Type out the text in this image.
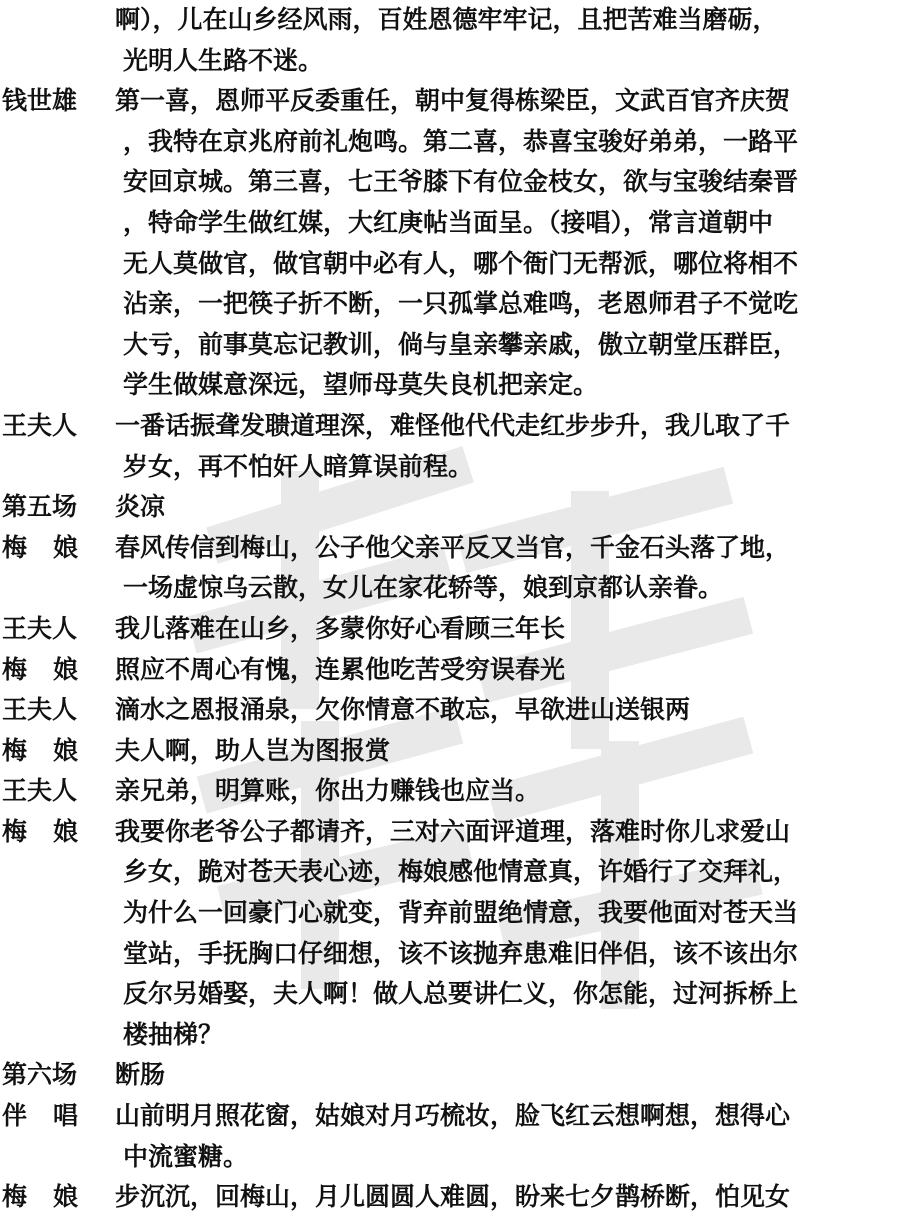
啊），儿在山乡经风雨，百姓恩德牢牢记，且把苦难当磨砺，
光明人生路不迷。
钱世雄	第一喜，恩师平反委重任，朝中复得栋梁臣，文武百官齐庆贺
，我特在京兆府前礼炮鸣。第二喜，恭喜宝骏好弟弟，一路平
安回京城。第三喜，七王爷膝下有位金枝女，欲与宝骏结秦晋
，特命学生做红媒，大红庚帖当面呈。（接唱），常言道朝中
无人莫做官，做官朝中必有人，哪个衙门无帮派，哪位将相不
沾亲，一把筷子折不断，一只孤掌总难鸣，老恩师君子不觉吃
大亏，前事莫忘记教训，倘与皇亲攀亲戚，傲立朝堂压群臣，
学生做媒意深远，望师母莫失良机把亲定。
王夫人	一番话振聋发聩道理深，难怪他代代走红步步升，我儿取了千
岁女，再不怕奸人暗算误前程。
第五场	炎凉
梅娘 春风传信到梅山，公子他父亲平反又当官，千金石头落了地，
一场虚惊乌云散，女儿在家花轿等，娘到京都认亲眷。
王夫人	我儿落难在山乡，多蒙你好心看顾三年长
梅娘 照应不周心有愧，连累他吃苦受穷误春光
王夫人	滴水之恩报涌泉，欠你情意不敢忘，早欲进山送银两
梅娘 夫人啊，助人岂为图报赏
王夫人	亲兄弟，明算账，你出力赚钱也应当。
梅娘 我要你老爷公子都请齐，三对六面评道理，落难时你儿求爱山
乡女，跪对苍天表心迹，梅娘感他情意真，许婚行了交拜礼，
为什么一回豪门心就变，背弃前盟绝情意，我要他面对苍天当
堂站，手抚胸口仔细想，该不该抛弃患难旧伴侣，该不该出尔
反尔另婚娶，夫人啊！做人总要讲仁义，你怎能，过河拆桥上
楼抽梯？
第六场	断肠
伴唱 山前明月照花窗，姑娘对月巧梳妆，脸飞红云想啊想，想得心
中流蜜糖。
梅娘 步沉沉，回梅山，月儿圆圆人难圆，盼来七夕鹊桥断，怕见女
